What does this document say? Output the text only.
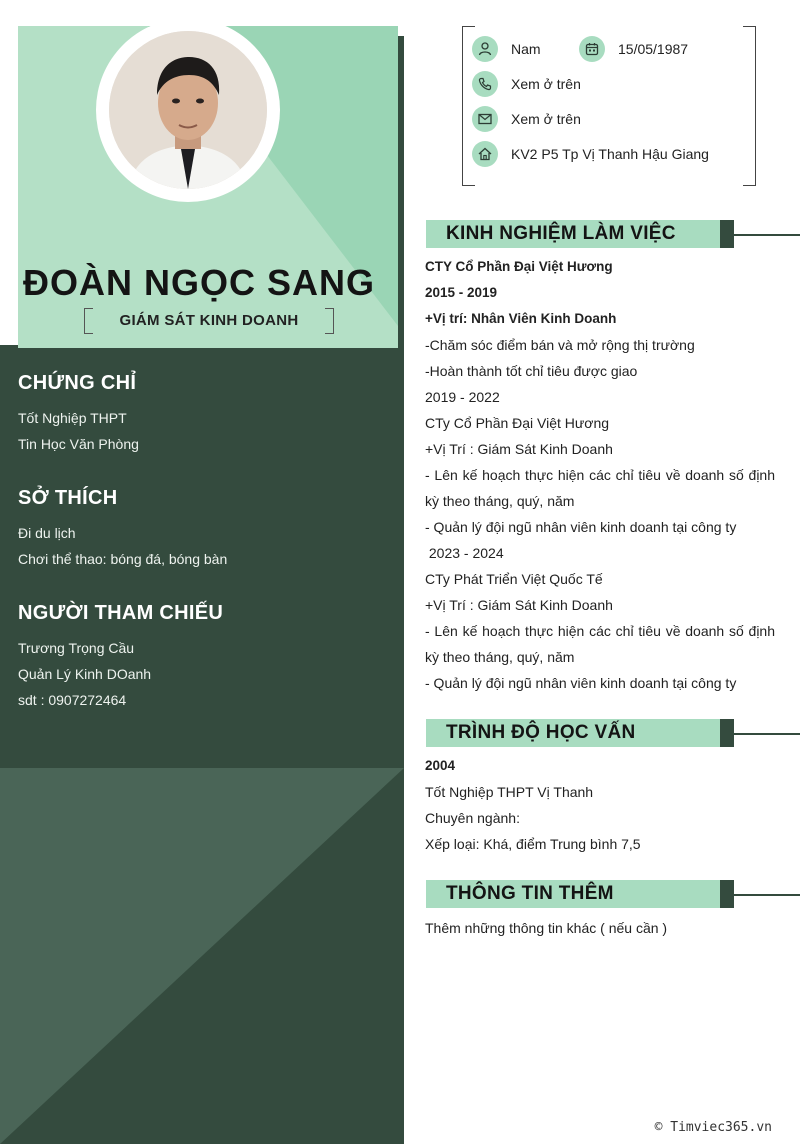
ĐOÀN NGỌC SANG
GIÁM SÁT KINH DOANH
CHỨNG CHỈ
Tốt Nghiệp THPT
Tin Học Văn Phòng
SỞ THÍCH
Đi du lịch
Chơi thể thao: bóng đá, bóng bàn
NGƯỜI THAM CHIẾU
Trương Trọng Cầu
Quản Lý Kinh DOanh
sdt : 0907272464
Nam	15/05/1987
Xem ở trên
Xem ở trên
KV2 P5 Tp Vị Thanh Hậu Giang
KINH NGHIỆM LÀM VIỆC
CTY Cổ Phần Đại Việt Hương
2015 - 2019
+Vị trí: Nhân Viên Kinh Doanh
-Chăm sóc điểm bán và mở rộng thị trường
-Hoàn thành tốt chỉ tiêu được giao
2019 - 2022
CTy Cổ Phần Đại Việt Hương
+Vị Trí : Giám Sát Kinh Doanh
- Lên kế hoạch thực hiện các chỉ tiêu về doanh số định kỳ theo tháng, quý, năm
- Quản lý đội ngũ nhân viên kinh doanh tại công ty
2023 - 2024
CTy Phát Triển Việt Quốc Tế
+Vị Trí : Giám Sát Kinh Doanh
- Lên kế hoạch thực hiện các chỉ tiêu về doanh số định kỳ theo tháng, quý, năm
- Quản lý đội ngũ nhân viên kinh doanh tại công ty
TRÌNH ĐỘ HỌC VẤN
2004
Tốt Nghiệp THPT Vị Thanh
Chuyên ngành:
Xếp loại: Khá, điểm Trung bình 7,5
THÔNG TIN THÊM
Thêm những thông tin khác ( nếu cần )
© Timviec365.vn
